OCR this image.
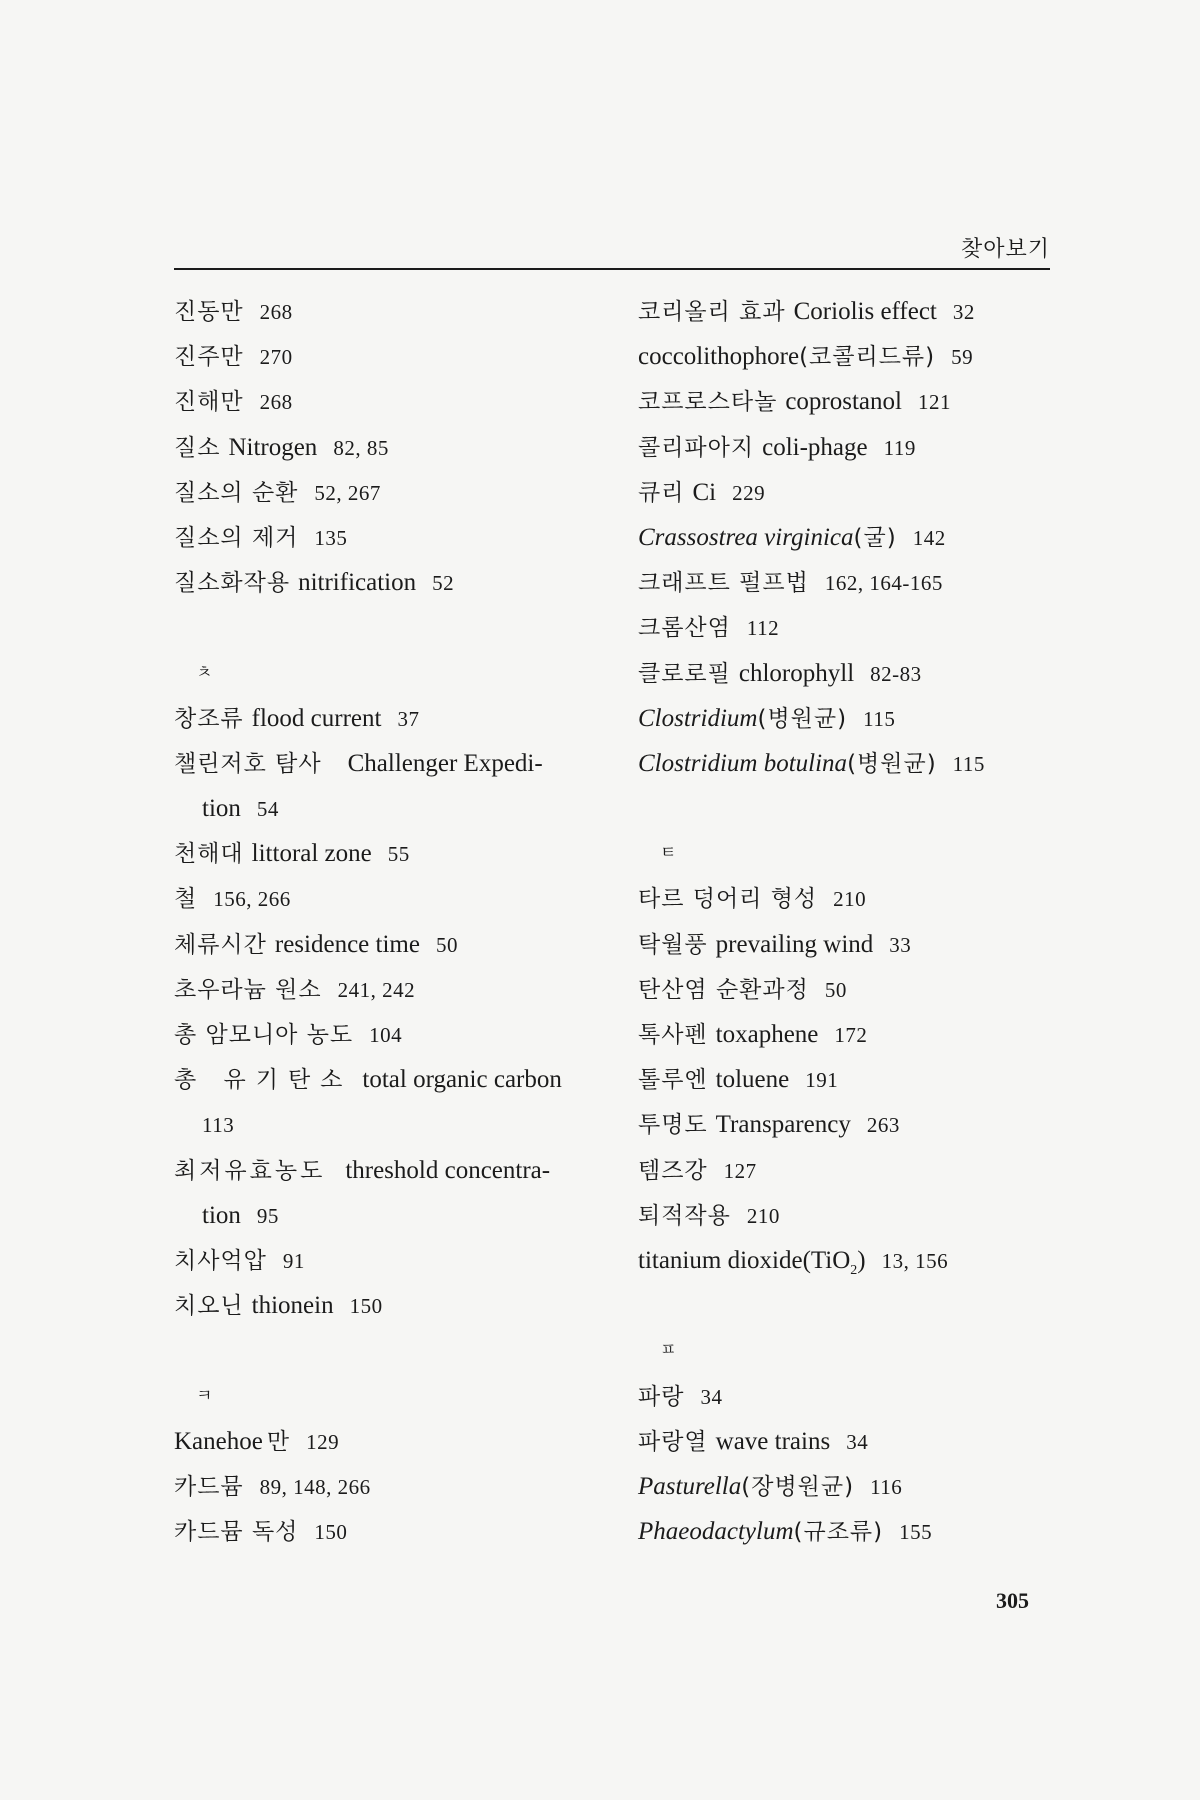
찾아보기
진동만 268
진주만 270
진해만 268
질소 Nitrogen 82, 85
질소의 순환 52, 267
질소의 제거 135
질소화작용 nitrification 52
ㅊ
창조류 flood current 37
챌린저호 탐사 Challenger Expedi-
tion 54
천해대 littoral zone 55
철 156, 266
체류시간 residence time 50
초우라늄 원소 241, 242
총 암모니아 농도 104
총 유기탄소 total organic carbon
113
최저유효농도 threshold concentra-
tion 95
치사억압 91
치오닌 thionein 150
ㅋ
Kanehoe 만 129
카드뮴 89, 148, 266
카드뮴 독성 150
코리올리 효과 Coriolis effect 32
coccolithophore(코콜리드류) 59
코프로스타놀 coprostanol 121
콜리파아지 coli-phage 119
큐리 Ci 229
Crassostrea virginica(굴) 142
크래프트 펄프법 162, 164-165
크롬산염 112
클로로필 chlorophyll 82-83
Clostridium(병원균) 115
Clostridium botulina(병원균) 115
ㅌ
타르 덩어리 형성 210
탁월풍 prevailing wind 33
탄산염 순환과정 50
톡사펜 toxaphene 172
톨루엔 toluene 191
투명도 Transparency 263
템즈강 127
퇴적작용 210
titanium dioxide(TiO$_2$) 13, 156
ㅍ
파랑 34
파랑열 wave trains 34
Pasturella(장병원균) 116
Phaeodactylum(규조류) 155
305
